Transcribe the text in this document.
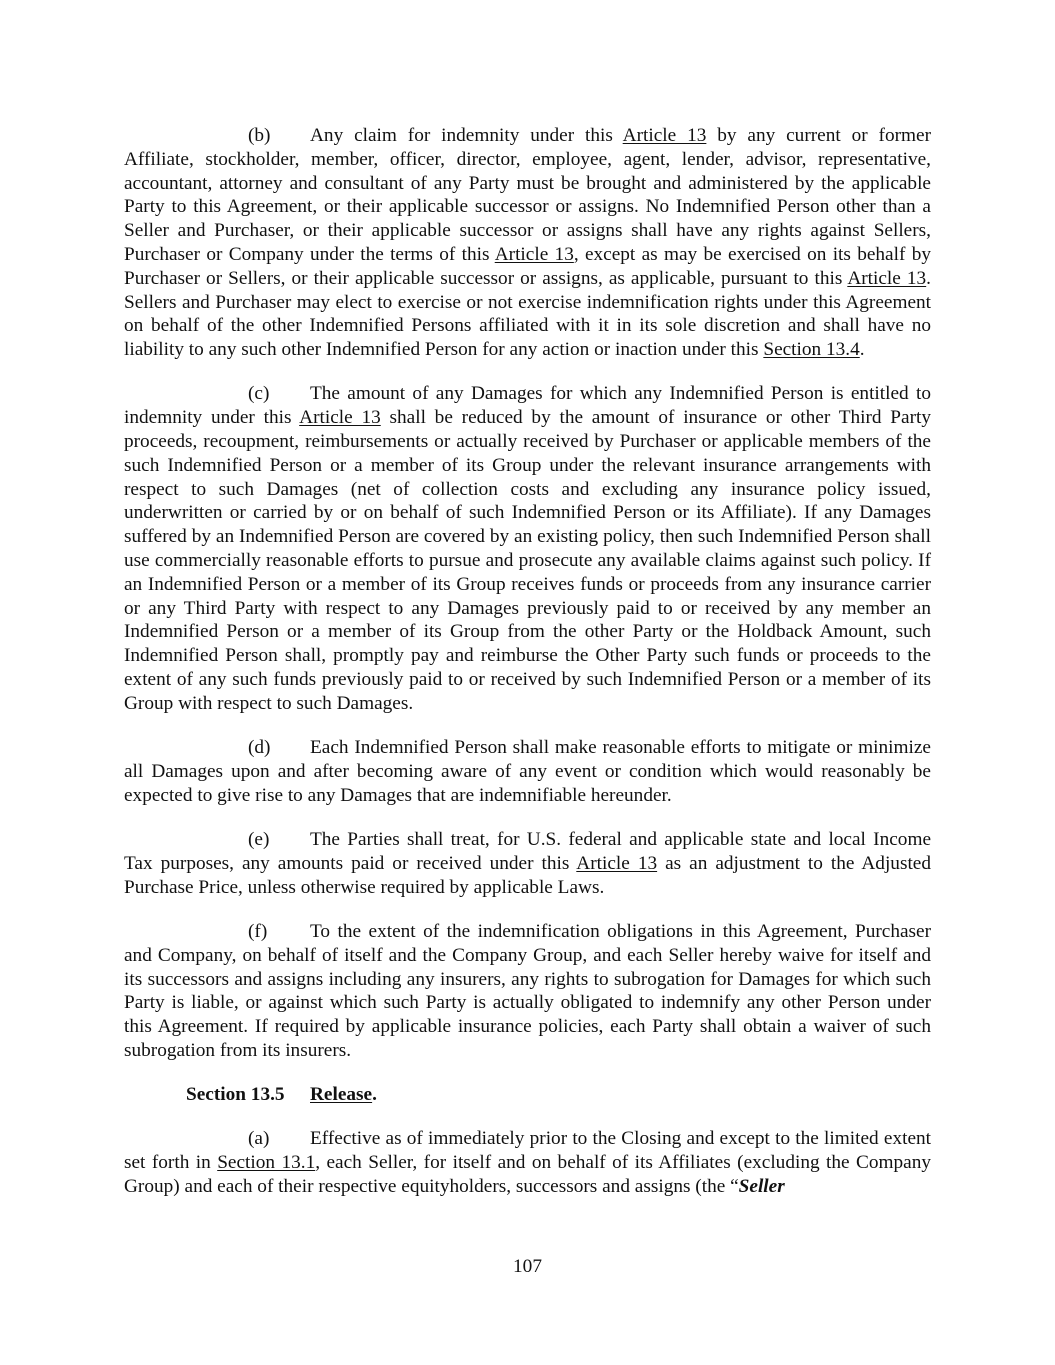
(b) Any claim for indemnity under this Article 13 by any current or former Affiliate, stockholder, member, officer, director, employee, agent, lender, advisor, representative, accountant, attorney and consultant of any Party must be brought and administered by the applicable Party to this Agreement, or their applicable successor or assigns. No Indemnified Person other than a Seller and Purchaser, or their applicable successor or assigns shall have any rights against Sellers, Purchaser or Company under the terms of this Article 13, except as may be exercised on its behalf by Purchaser or Sellers, or their applicable successor or assigns, as applicable, pursuant to this Article 13. Sellers and Purchaser may elect to exercise or not exercise indemnification rights under this Agreement on behalf of the other Indemnified Persons affiliated with it in its sole discretion and shall have no liability to any such other Indemnified Person for any action or inaction under this Section 13.4.

(c) The amount of any Damages for which any Indemnified Person is entitled to indemnity under this Article 13 shall be reduced by the amount of insurance or other Third Party proceeds, recoupment, reimbursements or actually received by Purchaser or applicable members of the such Indemnified Person or a member of its Group under the relevant insurance arrangements with respect to such Damages (net of collection costs and excluding any insurance policy issued, underwritten or carried by or on behalf of such Indemnified Person or its Affiliate). If any Damages suffered by an Indemnified Person are covered by an existing policy, then such Indemnified Person shall use commercially reasonable efforts to pursue and prosecute any available claims against such policy. If an Indemnified Person or a member of its Group receives funds or proceeds from any insurance carrier or any Third Party with respect to any Damages previously paid to or received by any member an Indemnified Person or a member of its Group from the other Party or the Holdback Amount, such Indemnified Person shall, promptly pay and reimburse the Other Party such funds or proceeds to the extent of any such funds previously paid to or received by such Indemnified Person or a member of its Group with respect to such Damages.

(d) Each Indemnified Person shall make reasonable efforts to mitigate or minimize all Damages upon and after becoming aware of any event or condition which would reasonably be expected to give rise to any Damages that are indemnifiable hereunder.

(e) The Parties shall treat, for U.S. federal and applicable state and local Income Tax purposes, any amounts paid or received under this Article 13 as an adjustment to the Adjusted Purchase Price, unless otherwise required by applicable Laws.

(f) To the extent of the indemnification obligations in this Agreement, Purchaser and Company, on behalf of itself and the Company Group, and each Seller hereby waive for itself and its successors and assigns including any insurers, any rights to subrogation for Damages for which such Party is liable, or against which such Party is actually obligated to indemnify any other Person under this Agreement. If required by applicable insurance policies, each Party shall obtain a waiver of such subrogation from its insurers.

Section 13.5 Release.

(a) Effective as of immediately prior to the Closing and except to the limited extent set forth in Section 13.1, each Seller, for itself and on behalf of its Affiliates (excluding the Company Group) and each of their respective equityholders, successors and assigns (the “Seller

107
